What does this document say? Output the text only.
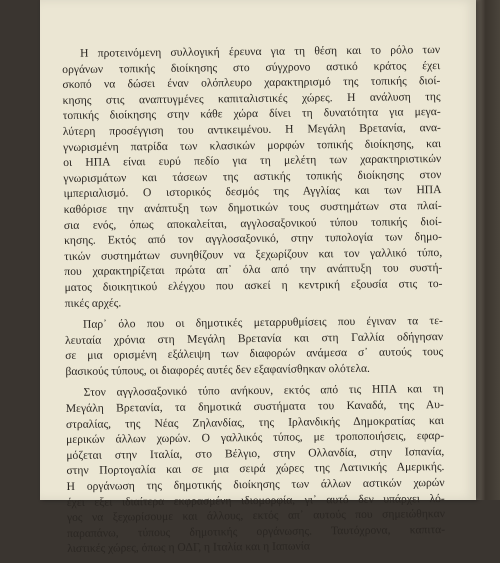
Η προτεινόμενη συλλογική έρευνα για τη θέση και το ρόλο των
οργάνων τοπικής διοίκησης στο σύγχρονο αστικό κράτος έχει
σκοπό να δώσει έναν ολόπλευρο χαρακτηρισμό της τοπικής διοί-
κησης στις αναπτυγμένες καπιταλιστικές χώρες. Η ανάλυση της
τοπικής διοίκησης στην κάθε χώρα δίνει τη δυνατότητα για μεγα-
λύτερη προσέγγιση του αντικειμένου. Η Μεγάλη Βρετανία, ανα-
γνωρισμένη πατρίδα των κλασικών μορφών τοπικής διοίκησης, και
οι ΗΠΑ είναι ευρύ πεδίο για τη μελέτη των χαρακτηριστικών
γνωρισμάτων και τάσεων της αστικής τοπικής διοίκησης στον
ιμπεριαλισμό. Ο ιστορικός δεσμός της Αγγλίας και των ΗΠΑ
καθόρισε την ανάπτυξη των δημοτικών τους συστημάτων στα πλαί-
σια ενός, όπως αποκαλείται, αγγλοσαξονικού τύπου τοπικής διοί-
κησης. Εκτός από τον αγγλοσαξονικό, στην τυπολογία των δημο-
τικών συστημάτων συνηθίζουν να ξεχωρίζουν και τον γαλλικό τύπο,
που χαρακτηρίζεται πρώτα απ᾽ όλα από την ανάπτυξη του συστή-
ματος διοικητικού ελέγχου που ασκεί η κεντρική εξουσία στις το-
πικές αρχές.
Παρ᾽ όλο που οι δημοτικές μεταρρυθμίσεις που έγιναν τα τε-
λευταία χρόνια στη Μεγάλη Βρετανία και στη Γαλλία οδήγησαν
σε μια ορισμένη εξάλειψη των διαφορών ανάμεσα σ᾽ αυτούς τους
βασικούς τύπους, οι διαφορές αυτές δεν εξαφανίσθηκαν ολότελα.
Στον αγγλοσαξονικό τύπο ανήκουν, εκτός από τις ΗΠΑ και τη
Μεγάλη Βρετανία, τα δημοτικά συστήματα του Καναδά, της Αυ-
στραλίας, της Νέας Ζηλανδίας, της Ιρλανδικής Δημοκρατίας και
μερικών άλλων χωρών. Ο γαλλικός τύπος, με τροποποιήσεις, εφαρ-
μόζεται στην Ιταλία, στο Βέλγιο, στην Ολλανδία, στην Ισπανία,
στην Πορτογαλία και σε μια σειρά χώρες της Λατινικής Αμερικής.
Η οργάνωση της δημοτικής διοίκησης των άλλων αστικών χωρών
έχει εξει ιδιαίτερα εκφρασμένη ιδιομορφία, γι᾽ αυτό δεν υπάρχει λό-
γος να ξεχωρίσουμε και άλλους, εκτός απ᾽ αυτούς που σημειώθηκαν
παραπάνω, τύπους δημοτικής οργάνωσης. Ταυτόχρονα, καπιτα-
λιστικές χώρες, όπως η ΟΔΓ, η Ιταλία και η Ιαπωνία
